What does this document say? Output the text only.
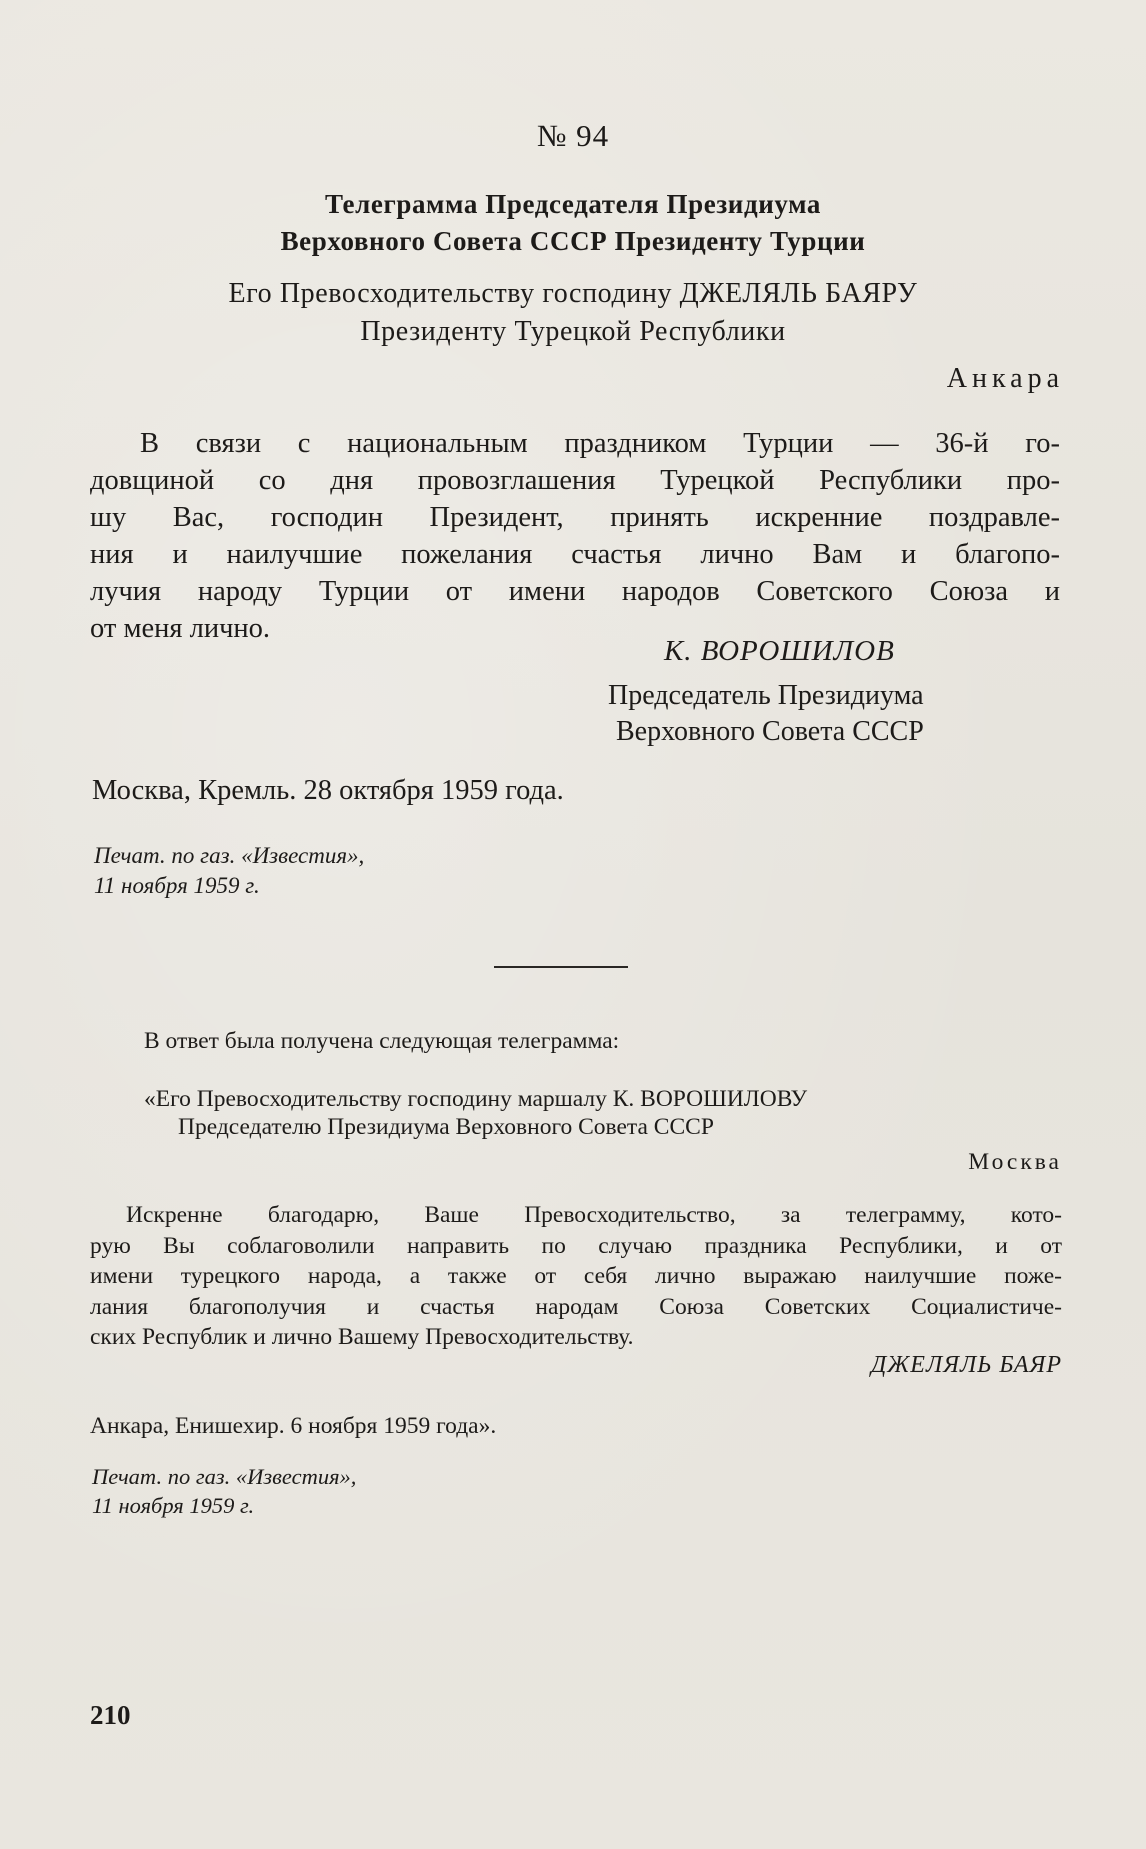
№ 94
Телеграмма Председателя Президиума
Верховного Совета СССР Президенту Турции
Его Превосходительству господину ДЖЕЛЯЛЬ БАЯРУ
Президенту Турецкой Республики
Анкара
В связи с национальным праздником Турции — 36-й го-
довщиной со дня провозглашения Турецкой Республики про-
шу Вас, господин Президент, принять искренние поздравле-
ния и наилучшие пожелания счастья лично Вам и благопо-
лучия народу Турции от имени народов Советского Союза и
от меня лично.
К. ВОРОШИЛОВ
Председатель Президиума
Верховного Совета СССР
Москва, Кремль. 28 октября 1959 года.
Печат. по газ. «Известия»,
11 ноября 1959 г.
В ответ была получена следующая телеграмма:
«Его Превосходительству господину маршалу К. ВОРОШИЛОВУ
Председателю Президиума Верховного Совета СССР
Москва
Искренне благодарю, Ваше Превосходительство, за телеграмму, кото-
рую Вы соблаговолили направить по случаю праздника Республики, и от
имени турецкого народа, а также от себя лично выражаю наилучшие поже-
лания благополучия и счастья народам Союза Советских Социалистиче-
ских Республик и лично Вашему Превосходительству.
ДЖЕЛЯЛЬ БАЯР
Анкара, Енишехир. 6 ноября 1959 года».
Печат. по газ. «Известия»,
11 ноября 1959 г.
210
